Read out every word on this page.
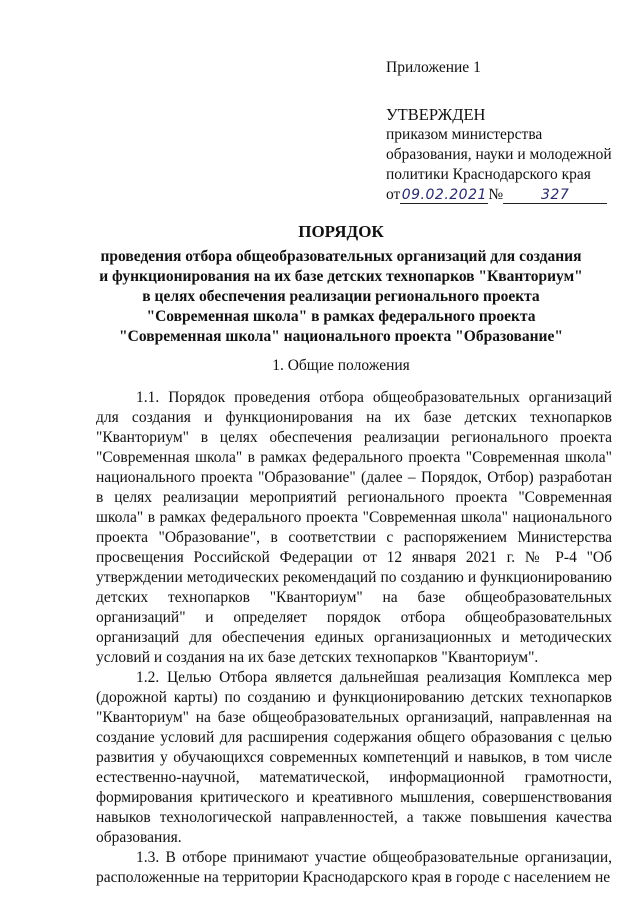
Приложение 1

УТВЕРЖДЕН

приказом министерства

образования, науки и молодежной

политики Краснодарского края

от09.02.2021№	327

ПОРЯДОК

проведения отбора общеобразовательных организаций для создания и функционирования на их базе детских технопарков "Кванториум" в целях обеспечения реализации регионального проекта "Современная школа" в рамках федерального проекта "Современная школа" национального проекта "Образование"

1. Общие положения

1.1. Порядок проведения отбора общеобразовательных организаций для создания и функционирования на их базе детских технопарков "Кванториум" в целях обеспечения реализации регионального проекта "Современная школа" в рамках федерального проекта "Современная школа" национального проекта "Образование" (далее – Порядок, Отбор) разработан в целях реализации мероприятий регионального проекта "Современная школа" в рамках федерального проекта "Современная школа" национального проекта "Образование", в соответствии с распоряжением Министерства просвещения Российской Федерации от 12 января 2021 г. № Р-4 "Об утверждении методических рекомендаций по созданию и функционированию детских технопарков "Кванториум" на базе общеобразовательных организаций" и определяет порядок отбора общеобразовательных организаций для обеспечения единых организационных и методических условий и создания на их базе детских технопарков "Кванториум".

1.2. Целью Отбора является дальнейшая реализация Комплекса мер (дорожной карты) по созданию и функционированию детских технопарков "Кванториум" на базе общеобразовательных организаций, направленная на создание условий для расширения содержания общего образования с целью развития у обучающихся современных компетенций и навыков, в том числе естественно-научной, математической, информационной грамотности, формирования критического и креативного мышления, совершенствования навыков технологической направленностей, а также повышения качества образования.

1.3. В отборе принимают участие общеобразовательные организации, расположенные на территории Краснодарского края в городе с населением не
